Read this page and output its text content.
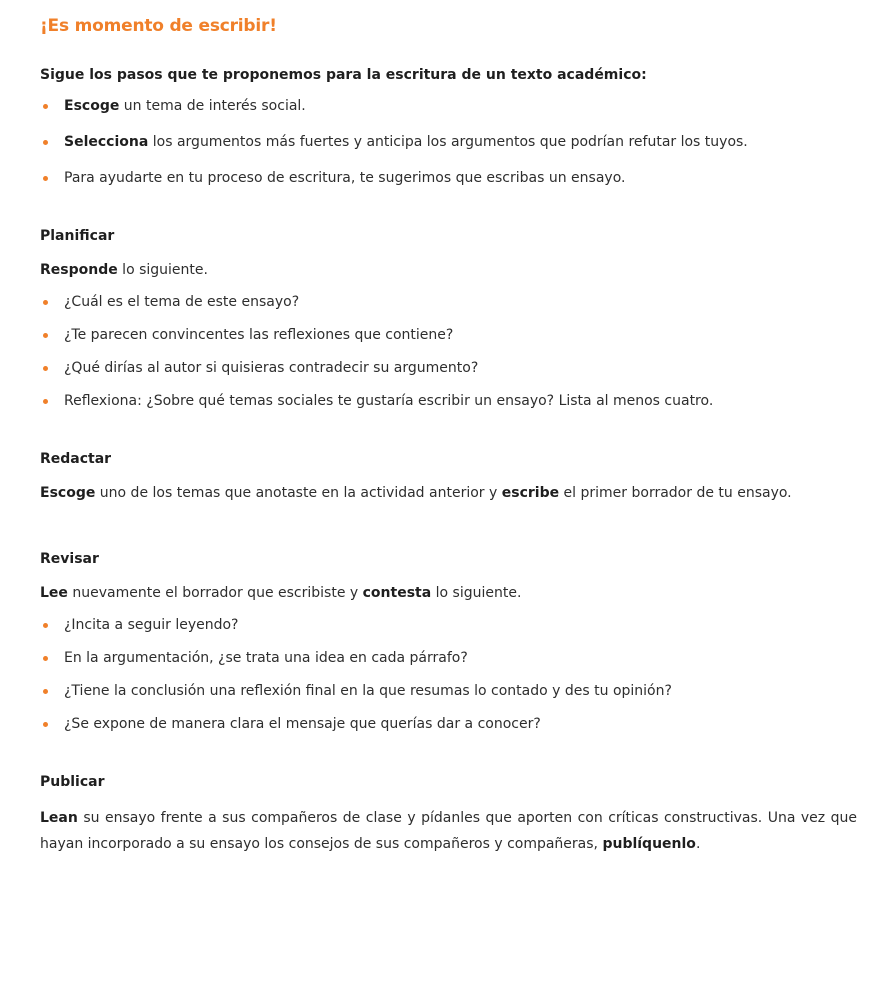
¡Es momento de escribir!
Sigue los pasos que te proponemos para la escritura de un texto académico:
Escoge un tema de interés social.
Selecciona los argumentos más fuertes y anticipa los argumentos que podrían refutar los tuyos.
Para ayudarte en tu proceso de escritura, te sugerimos que escribas un ensayo.
Planificar

Responde lo siguiente.

¿Cuál es el tema de este ensayo?
¿Te parecen convincentes las reflexiones que contiene?
¿Qué dirías al autor si quisieras contradecir su argumento?
Reflexiona: ¿Sobre qué temas sociales te gustaría escribir un ensayo? Lista al menos cuatro.
Redactar

Escoge uno de los temas que anotaste en la actividad anterior y escribe el primer borrador de tu ensayo.

Revisar

Lee nuevamente el borrador que escribiste y contesta lo siguiente.

¿Incita a seguir leyendo?
En la argumentación, ¿se trata una idea en cada párrafo?
¿Tiene la conclusión una reflexión final en la que resumas lo contado y des tu opinión?
¿Se expone de manera clara el mensaje que querías dar a conocer?
Publicar

Lean su ensayo frente a sus compañeros de clase y pídanles que aporten con críticas constructivas. Una vez que hayan incorporado a su ensayo los consejos de sus compañeros y compañeras, publíquenlo.
